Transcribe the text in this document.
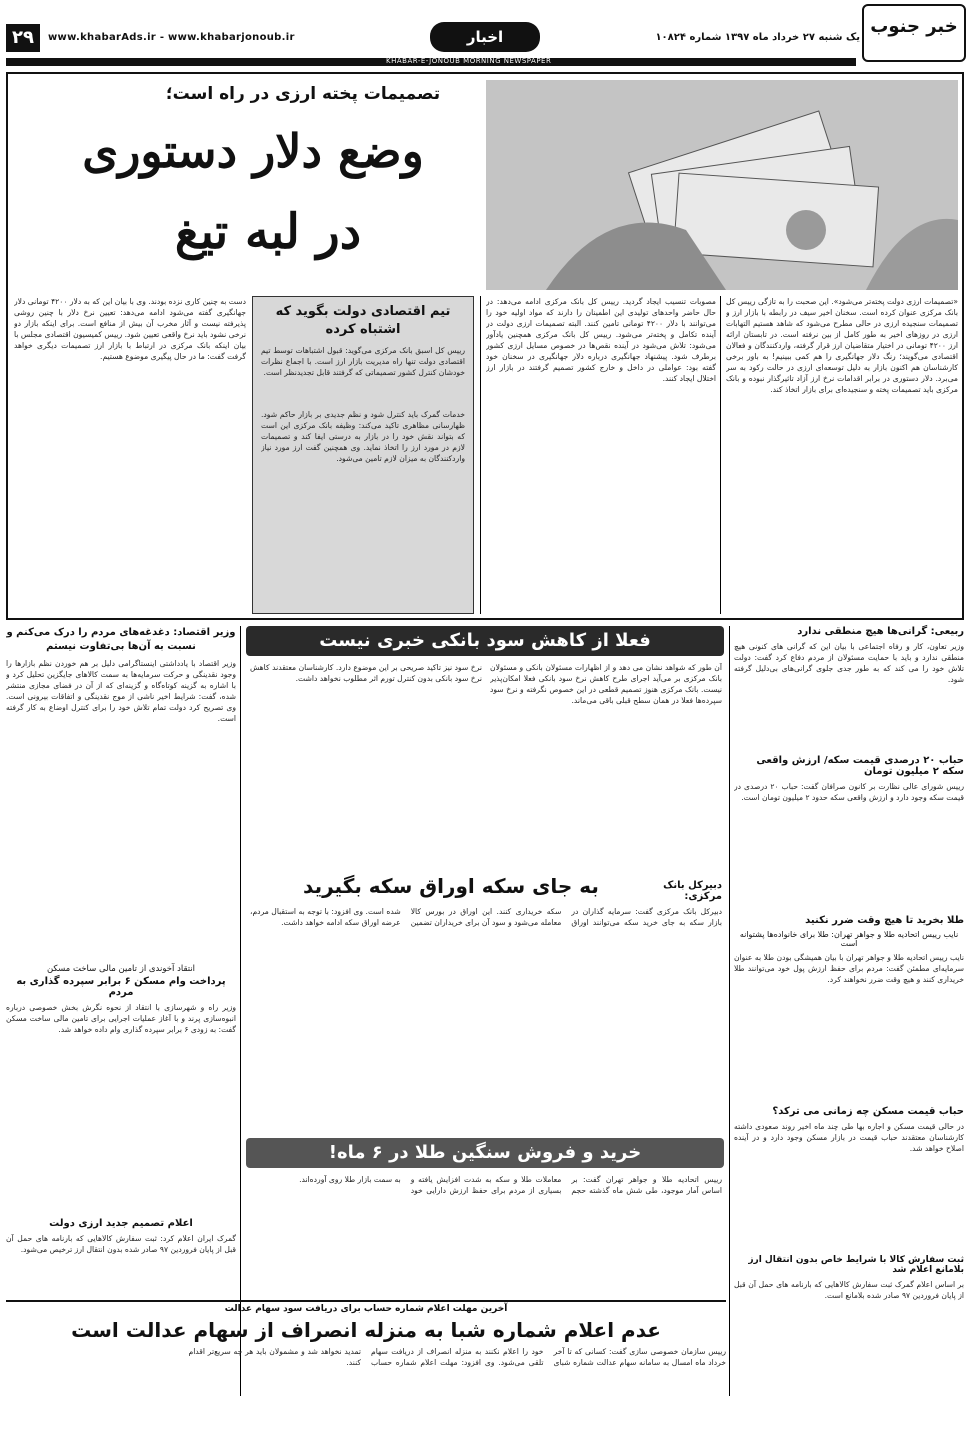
۲۹	www.khabarAds.ir - www.khabarjonoub.ir	اخبار	یک شنبه ۲۷ خرداد ماه ۱۳۹۷ شماره ۱۰۸۲۴
خبر جنوب
KHABAR-E-JONOUB MORNING NEWSPAPER
تصمیمات پخته ارزی در راه است؛
وضع دلار دستوری
در لبه تیغ
«تصمیمات ارزی دولت پخته‌تر می‌شود». این صحبت را به تازگی رییس کل بانک مرکزی عنوان کرده است. سخنان اخیر سیف در رابطه با بازار ارز و تصمیمات سنجیده ارزی در حالی مطرح می‌شود که شاهد هستیم التهابات ارزی در روزهای اخیر به طور کامل از بین نرفته است. در تابستان ارائه ارز ۴۲۰۰ تومانی در اختیار متقاضیان ارز قرار گرفته، واردکنندگان و فعالان اقتصادی می‌گویند؛ رنگ دلار جهانگیری را هم کمی ببینیم! به باور برخی کارشناسان هم اکنون بازار به دلیل توسعه‌ای ارزی در حالت رکود به سر می‌برد. دلار دستوری در برابر اقدامات نرخ ارز آزاد تاثیرگذار نبوده و بانک مرکزی باید تصمیمات پخته و سنجیده‌ای برای بازار اتخاذ کند.
مصوبات تنسیب ایجاد گردید. رییس کل بانک مرکزی ادامه می‌دهد: در حال حاضر واحدهای تولیدی این اطمینان را دارند که مواد اولیه خود را می‌توانند با دلار ۴۲۰۰ تومانی تامین کنند. البته تصمیمات ارزی دولت در آینده تکامل و پخته‌تر می‌شود. رییس کل بانک مرکزی همچنین یادآور می‌شود: تلاش می‌شود در آینده نقص‌ها در خصوص مسایل ارزی کشور برطرف شود. پیشنهاد جهانگیری درباره دلار جهانگیری در سخنان خود گفته بود: عواملی در داخل و خارج کشور تصمیم گرفتند در بازار ارز اختلال ایجاد کنند.
تیم اقتصادی دولت بگوید که اشتباه کرده
رییس کل اسبق بانک مرکزی می‌گوید: قبول اشتباهات توسط تیم اقتصادی دولت تنها راه مدیریت بازار ارز است. با اجماع نظرات خودشان کنترل کشور تصمیماتی که گرفتند قابل تجدیدنظر است.
خدمات گمرک باید کنترل شود و نظم جدیدی بر بازار حاکم شود. ظهارسانی مظاهری تاکید می‌کند: وظیفه بانک مرکزی این است که بتواند نقش خود را در بازار به درستی ایفا کند و تصمیمات لازم در مورد ارز را اتخاذ نماید. وی همچنین گفت ارز مورد نیاز واردکنندگان به میزان لازم تامین می‌شود.
دست به چنین کاری نزده بودند. وی با بیان این که به دلار ۴۲۰۰ تومانی دلار جهانگیری گفته می‌شود ادامه می‌دهد: تعیین نرخ دلار با چنین روشی پذیرفته نیست و آثار مخرب آن بیش از منافع است. برای اینکه بازار دو نرخی نشود باید نرخ واقعی تعیین شود. رییس کمیسیون اقتصادی مجلس با بیان اینکه بانک مرکزی در ارتباط با بازار ارز تصمیمات دیگری خواهد گرفت گفت: ما در حال پیگیری موضوع هستیم.
ربیعی: گرانی‌ها هیچ منطقی ندارد
وزیر تعاون، کار و رفاه اجتماعی با بیان این که گرانی های کنونی هیچ منطقی ندارد و باید با حمایت مسئولان از مردم دفاع کرد گفت: دولت تلاش خود را می کند که به طور جدی جلوی گرانی‌های بی‌دلیل گرفته شود.
حباب ۲۰ درصدی قیمت سکه/ ارزش واقعی سکه ۲ میلیون تومان
رییس شورای عالی نظارت بر کانون صرافان گفت: حباب ۲۰ درصدی در قیمت سکه وجود دارد و ارزش واقعی سکه حدود ۲ میلیون تومان است.
طلا بخرید تا هیچ وقت ضرر نکنید
نایب رییس اتحادیه طلا و جواهر تهران: طلا برای خانواده‌ها پشتوانه است
نایب رییس اتحادیه طلا و جواهر تهران با بیان همیشگی بودن طلا به عنوان سرمایه‌ای مطمئن گفت: مردم برای حفظ ارزش پول خود می‌توانند طلا خریداری کنند و هیچ وقت ضرر نخواهند کرد.
حباب قیمت مسکن چه زمانی می ترکد؟
در حالی قیمت مسکن و اجاره بها طی چند ماه اخیر روند صعودی داشته کارشناسان معتقدند حباب قیمت در بازار مسکن وجود دارد و در آینده اصلاح خواهد شد.
ثبت سفارش کالا با شرایط خاص بدون انتقال ارز بلامانع اعلام شد
بر اساس اعلام گمرک ثبت سفارش کالاهایی که بارنامه های حمل آن قبل از پایان فروردین ۹۷ صادر شده بلامانع است.
فعلا از کاهش سود بانکی خبری نیست
آن طور که شواهد نشان می دهد و از اظهارات مسئولان بانکی و مسئولان بانک مرکزی بر می‌آید اجرای طرح کاهش نرخ سود بانکی فعلا امکان‌پذیر نیست. بانک مرکزی هنوز تصمیم قطعی در این خصوص نگرفته و نرخ سود سپرده‌ها فعلا در همان سطح قبلی باقی می‌ماند.
نرخ سود نیز تاکید صریحی بر این موضوع دارد. کارشناسان معتقدند کاهش نرخ سود بانکی بدون کنترل تورم اثر مطلوب نخواهد داشت.
دبیرکل بانک مرکزی:
به جای سکه اوراق سکه بگیرید
دبیرکل بانک مرکزی گفت: سرمایه گذاران در بازار سکه به جای خرید سکه می‌توانند اوراق سکه خریداری کنند. این اوراق در بورس کالا معامله می‌شود و سود آن برای خریداران تضمین شده است. وی افزود: با توجه به استقبال مردم، عرضه اوراق سکه ادامه خواهد داشت.
خرید و فروش سنگین طلا در ۶ ماه!
رییس اتحادیه طلا و جواهر تهران گفت: بر اساس آمار موجود، طی شش ماه گذشته حجم معاملات طلا و سکه به شدت افزایش یافته و بسیاری از مردم برای حفظ ارزش دارایی خود به سمت بازار طلا روی آورده‌اند.
وزیر اقتصاد: دغدغه‌های مردم را درک می‌کنم و نسبت به آن‌ها بی‌تفاوت نیستم
وزیر اقتصاد با یادداشتی اینستاگرامی دلیل بر هم خوردن نظم بازارها را وجود نقدینگی و حرکت سرمایه‌ها به سمت کالاهای جایگزین تحلیل کرد و با اشاره به گزینه کوتاه‌گاه و گزینه‌ای که از آن در فضای مجازی منتشر شده، گفت: شرایط اخیر ناشی از موج نقدینگی و اتفاقات بیرونی است. وی تصریح کرد دولت تمام تلاش خود را برای کنترل اوضاع به کار گرفته است.
انتقاد آخوندی از تامین مالی ساخت مسکن
پرداخت وام مسکن ۶ برابر سپرده گذاری به مردم
وزیر راه و شهرسازی با انتقاد از نحوه نگرش بخش خصوصی درباره انبوه‌سازی پرند و با آغاز عملیات اجرایی برای تامین مالی ساخت مسکن گفت: به زودی ۶ برابر سپرده گذاری وام داده خواهد شد.
اعلام تصمیم جدید ارزی دولت
گمرک ایران اعلام کرد: ثبت سفارش کالاهایی که بارنامه های حمل آن قبل از پایان فروردین ۹۷ صادر شده بدون انتقال ارز ترخیص می‌شود.
آخرین مهلت اعلام شماره حساب برای دریافت سود سهام عدالت
عدم اعلام شماره شبا به منزله انصراف از سهام عدالت است
رییس سازمان خصوصی سازی گفت: کسانی که تا آخر خرداد ماه امسال به سامانه سهام عدالت شماره شبای خود را اعلام نکنند به منزله انصراف از دریافت سهام تلقی می‌شود. وی افزود: مهلت اعلام شماره حساب تمدید نخواهد شد و مشمولان باید هر چه سریع‌تر اقدام کنند.
